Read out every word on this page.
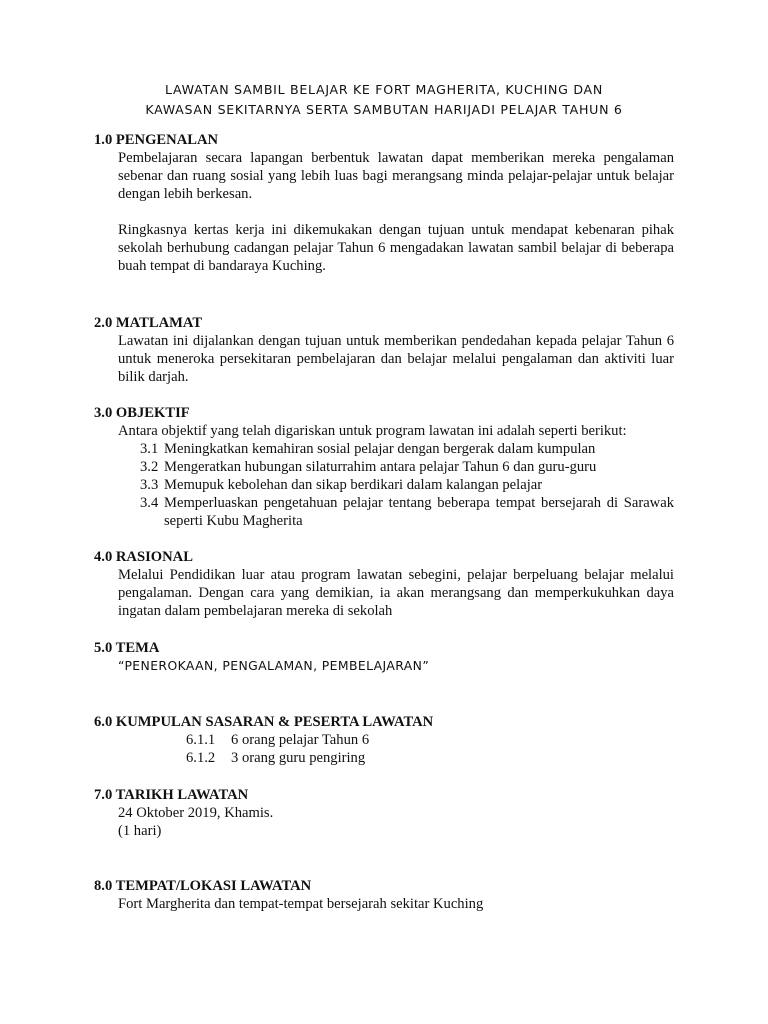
LAWATAN SAMBIL BELAJAR KE FORT MAGHERITA, KUCHING DAN
KAWASAN SEKITARNYA SERTA SAMBUTAN HARIJADI PELAJAR TAHUN 6
1.0 PENGENALAN
Pembelajaran secara lapangan berbentuk lawatan dapat memberikan mereka pengalaman sebenar dan ruang sosial yang lebih luas bagi merangsang minda pelajar-pelajar untuk belajar dengan lebih berkesan.
Ringkasnya kertas kerja ini dikemukakan dengan tujuan untuk mendapat kebenaran pihak sekolah berhubung cadangan pelajar Tahun 6 mengadakan lawatan sambil belajar di beberapa buah tempat di bandaraya Kuching.
2.0 MATLAMAT
Lawatan ini dijalankan dengan tujuan untuk memberikan pendedahan kepada pelajar Tahun 6 untuk meneroka persekitaran pembelajaran dan belajar melalui pengalaman dan aktiviti luar bilik darjah.
3.0 OBJEKTIF
Antara objektif yang telah digariskan untuk program lawatan ini adalah seperti berikut:
3.1 Meningkatkan kemahiran sosial pelajar dengan bergerak dalam kumpulan
3.2 Mengeratkan hubungan silaturrahim antara pelajar Tahun 6 dan guru-guru
3.3 Memupuk kebolehan dan sikap berdikari dalam kalangan pelajar
3.4 Memperluaskan pengetahuan pelajar tentang beberapa tempat bersejarah di Sarawak seperti Kubu Magherita
4.0 RASIONAL
Melalui Pendidikan luar atau program lawatan sebegini, pelajar berpeluang belajar melalui pengalaman. Dengan cara yang demikian, ia akan merangsang dan memperkukuhkan daya ingatan dalam pembelajaran mereka di sekolah
5.0 TEMA
“PENEROKAAN, PENGALAMAN, PEMBELAJARAN”
6.0 KUMPULAN SASARAN & PESERTA LAWATAN
6.1.1	6 orang pelajar Tahun 6
6.1.2	3 orang guru pengiring
7.0 TARIKH LAWATAN
24 Oktober 2019, Khamis.
(1 hari)
8.0 TEMPAT/LOKASI LAWATAN
Fort Margherita dan tempat-tempat bersejarah sekitar Kuching
